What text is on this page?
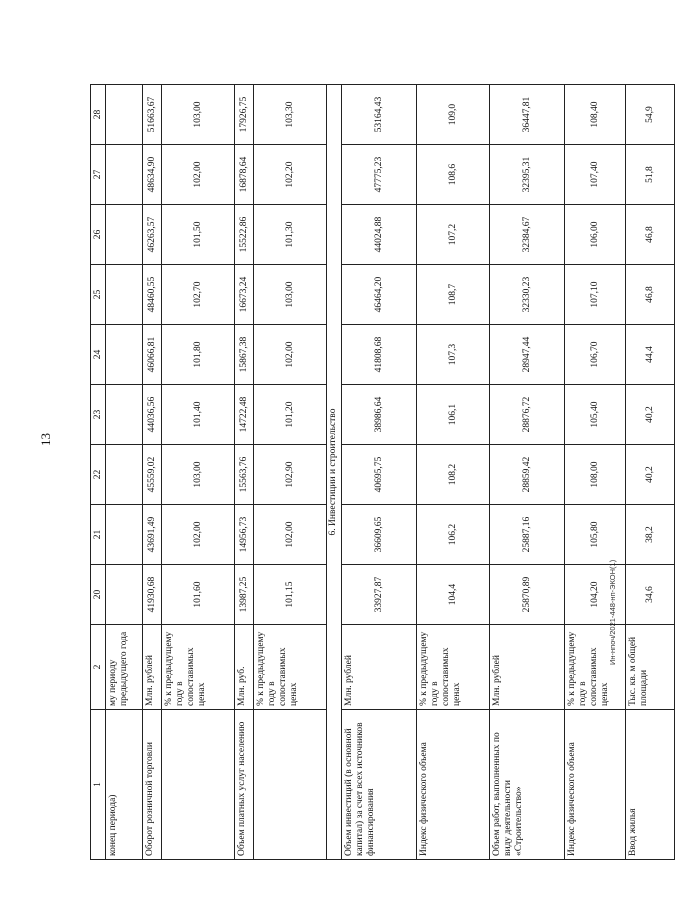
13
Ин-нпоч/2021-448-нп-ЭКОН(1)
1	2	20	21	22	23	24	25	26	27	28
конец периода)	му периоду предыдущего года									
Оборот розничной торговли	Млн. рублей	41930,68	43691,49	45559,02	44036,56	46066,81	48460,55	46263,57	48634,90	51663,67
	% к предыдущему году в сопоставимых ценах	101,60	102,00	103,00	101,40	101,80	102,70	101,50	102,00	103,00
Объем платных услуг населению	Млн. руб.	13987,25	14956,73	15563,76	14722,48	15867,38	16673,24	15522,86	16878,64	17926,75
	% к предыдущему году в сопоставимых ценах	101,15	102,00	102,90	101,20	102,00	103,00	101,30	102,20	103,30
6. Инвестиции и строительство										
Объем инвестиций (в основной капитал) за счет всех источников финансирования	Млн. рублей	33927,87	36609,65	40695,75	38986,64	41808,68	46464,20	44024,88	47775,23	53164,43
Индекс физического объема	% к предыдущему году в сопоставимых ценах	104,4	106,2	108,2	106,1	107,3	108,7	107,2	108,6	109,0
Объем работ, выполненных по виду деятельности «Строительство»	Млн. рублей	25870,89	25887,16	28859,42	28876,72	28947,44	32330,23	32384,67	32395,31	36447,81
Индекс физического объема	% к предыдущему году в сопоставимых ценах	104,20	105,80	108,00	105,40	106,70	107,10	106,00	107,40	108,40
Ввод жилья	Тыс. кв. м общей площади	34,6	38,2	40,2	40,2	44,4	46,8	46,8	51,8	54,9
